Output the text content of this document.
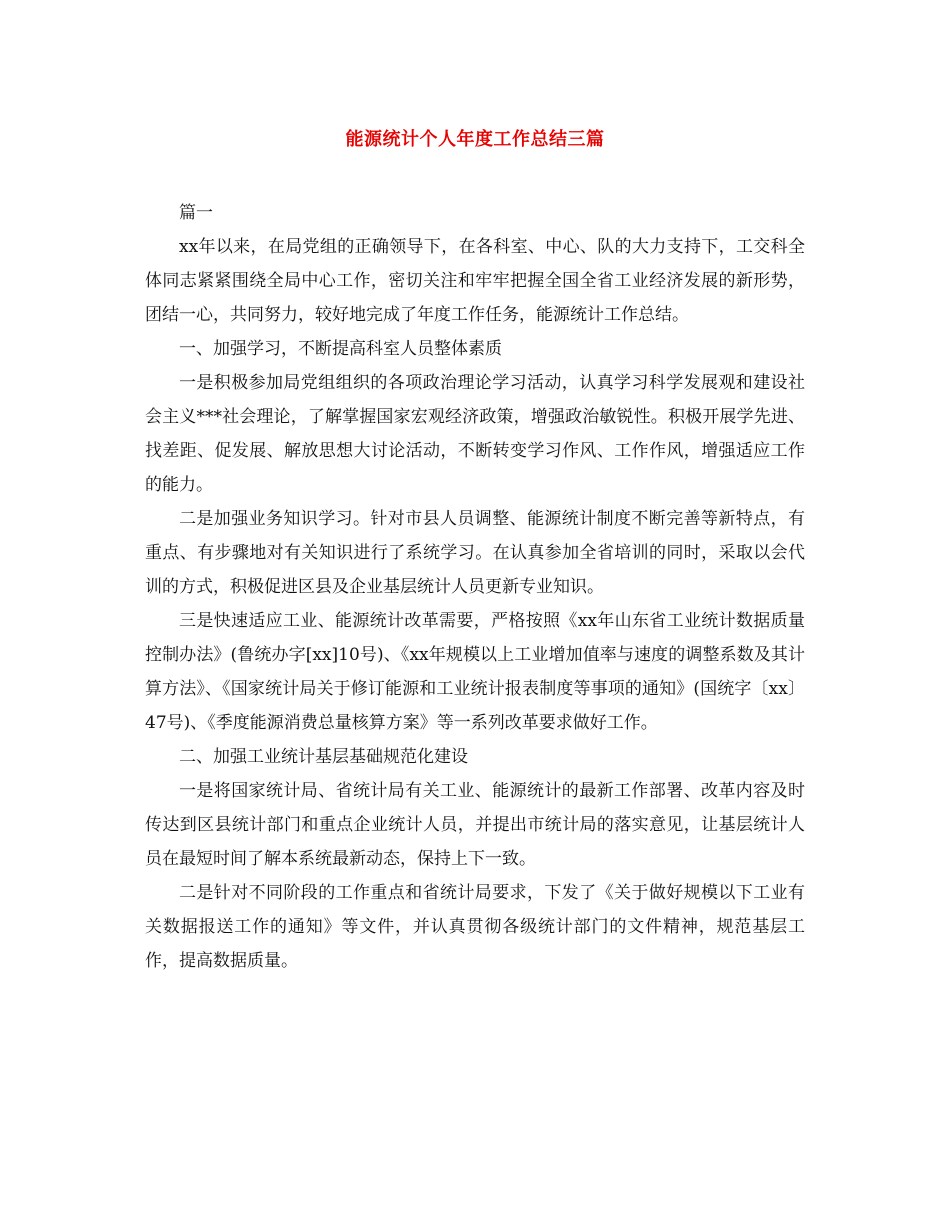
能源统计个人年度工作总结三篇

篇一

xx年以来，在局党组的正确领导下，在各科室、中心、队的大力支持下，工交科全体同志紧紧围绕全局中心工作，密切关注和牢牢把握全国全省工业经济发展的新形势，团结一心，共同努力，较好地完成了年度工作任务，能源统计工作总结。

一、加强学习，不断提高科室人员整体素质

一是积极参加局党组组织的各项政治理论学习活动，认真学习科学发展观和建设社会主义***社会理论，了解掌握国家宏观经济政策，增强政治敏锐性。积极开展学先进、找差距、促发展、解放思想大讨论活动，不断转变学习作风、工作作风，增强适应工作的能力。

二是加强业务知识学习。针对市县人员调整、能源统计制度不断完善等新特点，有重点、有步骤地对有关知识进行了系统学习。在认真参加全省培训的同时，采取以会代训的方式，积极促进区县及企业基层统计人员更新专业知识。

三是快速适应工业、能源统计改革需要，严格按照《xx年山东省工业统计数据质量控制办法》(鲁统办字[xx]10号)、《xx年规模以上工业增加值率与速度的调整系数及其计算方法》、《国家统计局关于修订能源和工业统计报表制度等事项的通知》(国统字〔xx〕47号)、《季度能源消费总量核算方案》等一系列改革要求做好工作。

二、加强工业统计基层基础规范化建设

一是将国家统计局、省统计局有关工业、能源统计的最新工作部署、改革内容及时传达到区县统计部门和重点企业统计人员，并提出市统计局的落实意见，让基层统计人员在最短时间了解本系统最新动态，保持上下一致。

二是针对不同阶段的工作重点和省统计局要求，下发了《关于做好规模以下工业有关数据报送工作的通知》等文件，并认真贯彻各级统计部门的文件精神，规范基层工作，提高数据质量。
